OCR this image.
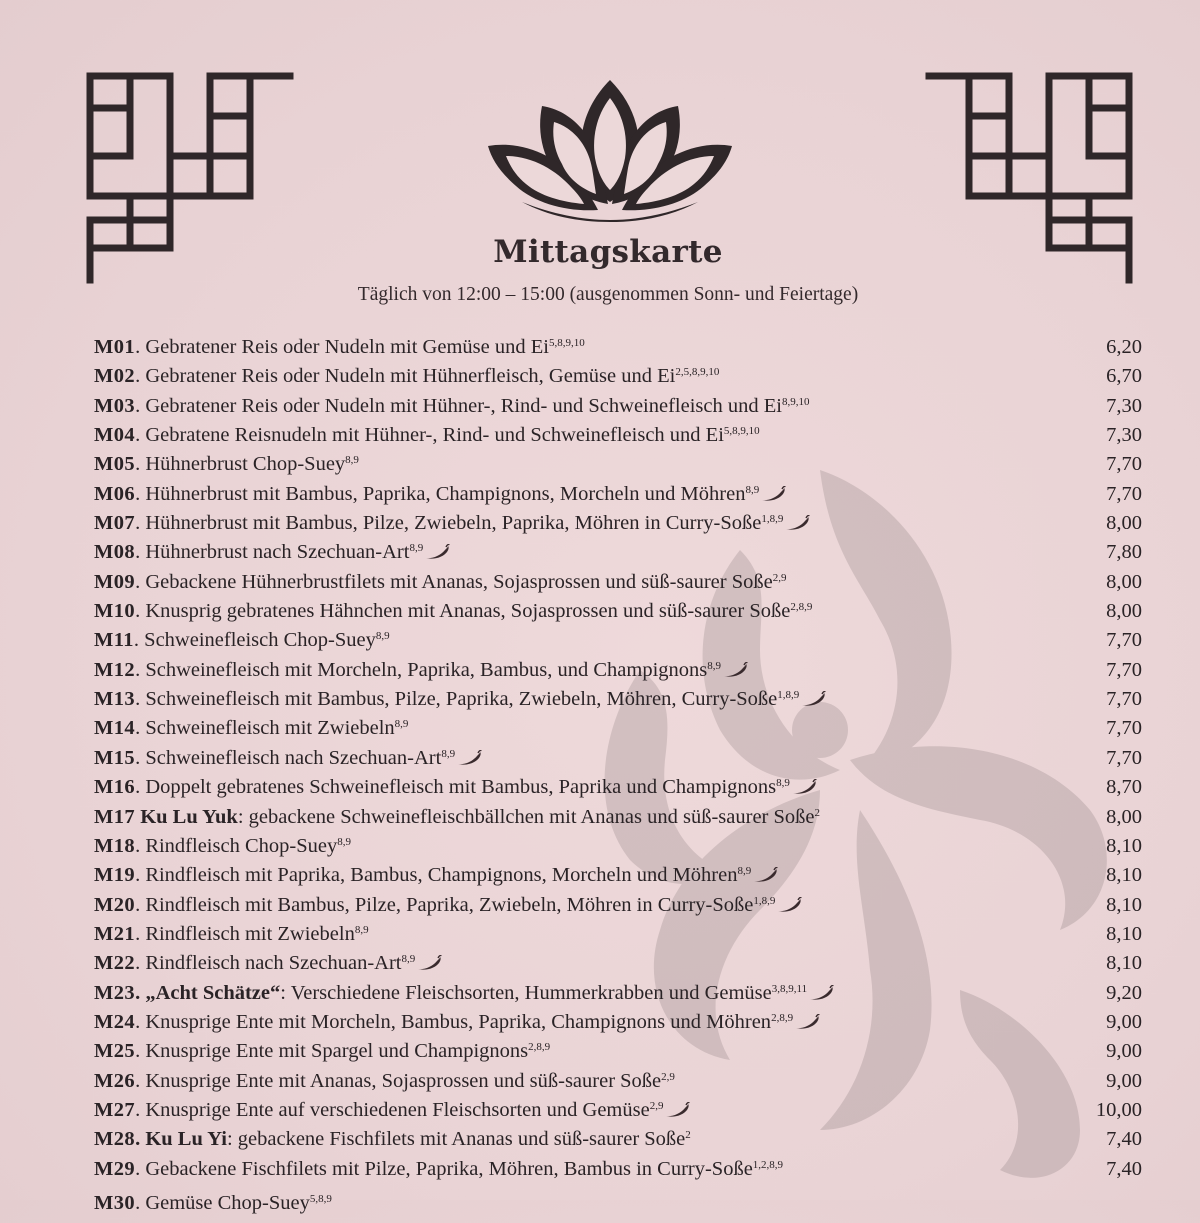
Mittagskarte
Täglich von 12:00 – 15:00 (ausgenommen Sonn- und Feiertage)
M01. Gebratener Reis oder Nudeln mit Gemüse und Ei$^{5,8,9,10}$	6,20
M02. Gebratener Reis oder Nudeln mit Hühnerfleisch, Gemüse und Ei$^{2,5,8,9,10}$	6,70
M03. Gebratener Reis oder Nudeln mit Hühner-, Rind- und Schweinefleisch und Ei$^{8,9,10}$	7,30
M04. Gebratene Reisnudeln mit Hühner-, Rind- und Schweinefleisch und Ei$^{5,8,9,10}$	7,30
M05. Hühnerbrust Chop-Suey$^{8,9}$	7,70
M06. Hühnerbrust mit Bambus, Paprika, Champignons, Morcheln und Möhren$^{8,9}$	7,70
M07. Hühnerbrust mit Bambus, Pilze, Zwiebeln, Paprika, Möhren in Curry-Soße$^{1,8,9}$	8,00
M08. Hühnerbrust nach Szechuan-Art$^{8,9}$	7,80
M09. Gebackene Hühnerbrustfilets mit Ananas, Sojasprossen und süß-saurer Soße$^{2,9}$	8,00
M10. Knusprig gebratenes Hähnchen mit Ananas, Sojasprossen und süß-saurer Soße$^{2,8,9}$	8,00
M11. Schweinefleisch Chop-Suey$^{8,9}$	7,70
M12. Schweinefleisch mit Morcheln, Paprika, Bambus, und Champignons$^{8,9}$	7,70
M13. Schweinefleisch mit Bambus, Pilze, Paprika, Zwiebeln, Möhren, Curry-Soße$^{1,8,9}$	7,70
M14. Schweinefleisch mit Zwiebeln$^{8,9}$	7,70
M15. Schweinefleisch nach Szechuan-Art$^{8,9}$	7,70
M16. Doppelt gebratenes Schweinefleisch mit Bambus, Paprika und Champignons$^{8,9}$	8,70
M17 Ku Lu Yuk: gebackene Schweinefleischbällchen mit Ananas und süß-saurer Soße$^2$	8,00
M18. Rindfleisch Chop-Suey$^{8,9}$	8,10
M19. Rindfleisch mit Paprika, Bambus, Champignons, Morcheln und Möhren$^{8,9}$	8,10
M20. Rindfleisch mit Bambus, Pilze, Paprika, Zwiebeln, Möhren in Curry-Soße$^{1,8,9}$	8,10
M21. Rindfleisch mit Zwiebeln$^{8,9}$	8,10
M22. Rindfleisch nach Szechuan-Art$^{8,9}$	8,10
M23. „Acht Schätze“: Verschiedene Fleischsorten, Hummerkrabben und Gemüse$^{3,8,9,11}$	9,20
M24. Knusprige Ente mit Morcheln, Bambus, Paprika, Champignons und Möhren$^{2,8,9}$	9,00
M25. Knusprige Ente mit Spargel und Champignons$^{2,8,9}$	9,00
M26. Knusprige Ente mit Ananas, Sojasprossen und süß-saurer Soße$^{2,9}$	9,00
M27. Knusprige Ente auf verschiedenen Fleischsorten und Gemüse$^{2,9}$	10,00
M28. Ku Lu Yi: gebackene Fischfilets mit Ananas und süß-saurer Soße$^2$	7,40
M29. Gebackene Fischfilets mit Pilze, Paprika, Möhren, Bambus in Curry-Soße$^{1,2,8,9}$	7,40
M30. Gemüse Chop-Suey$^{5,8,9}$
